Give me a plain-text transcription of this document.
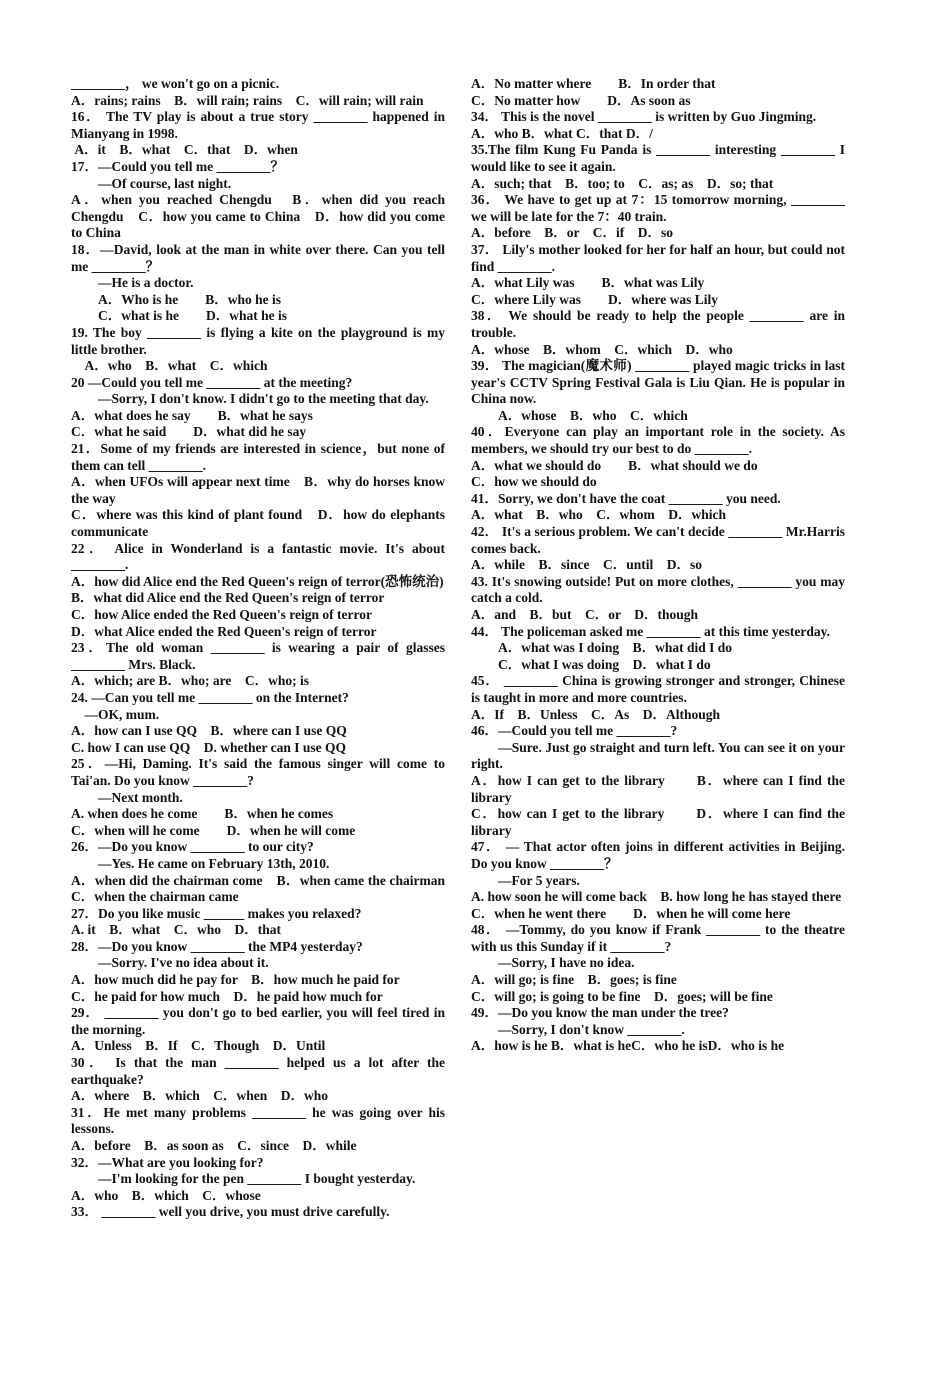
________， we won't go on a picnic.

A．rains; rains　B．will rain; rains　C．will rain; will rain

16． The TV play is about a true story ________ happened in Mianyang in 1998.

A．it　B．what　C．that　D．when

17．—Could you tell me ________？

　　—Of course, last night.

A．when you reached Chengdu　B．when did you reach Chengdu　C．how you came to China　D．how did you come to China

18．—David, look at the man in white over there. Can you tell me ________？

　　—He is a doctor.

　　A．Who is he　　B．who he is

　　C．what is he　　D．what he is

19. The boy ________ is flying a kite on the playground is my little brother.

　A．who　B．what　C．which

20 —Could you tell me ________ at the meeting?

　　—Sorry, I don't know. I didn't go to the meeting that day.

A．what does he say　　B．what he says

C．what he said　　D．what did he say

21．Some of my friends are interested in science，but none of them can tell ________.

A．when UFOs will appear next time　B．why do horses know the way

C．where was this kind of plant found　D．how do elephants communicate

22． Alice in Wonderland is a fantastic movie. It's about ________.

A．how did Alice end the Red Queen's reign of terror(恐怖统治)

B．what did Alice end the Red Queen's reign of terror

C．how Alice ended the Red Queen's reign of terror

D．what Alice ended the Red Queen's reign of terror

23．The old woman ________ is wearing a pair of glasses ________ Mrs. Black.

A．which; are B．who; are　C．who; is

24. —Can you tell me ________ on the Internet?

　—OK, mum.

A．how can I use QQ　B．where can I use QQ

C. how I can use QQ　D. whether can I use QQ

25．—Hi, Daming. It's said the famous singer will come to Tai'an. Do you know ________?

　　—Next month.

A. when does he come　　B．when he comes

C．when will he come　　D．when he will come

26．—Do you know ________ to our city?

　　—Yes. He came on February 13th, 2010.

A．when did the chairman come　B．when came the chairman　C．when the chairman came

27．Do you like music ______ makes you relaxed?

A. it　B．what　C．who　D．that

28．—Do you know ________ the MP4 yesterday?

　　—Sorry. I've no idea about it.

A．how much did he pay for　B．how much he paid for

C．he paid for how much　D．he paid how much for

29． ________ you don't go to bed earlier, you will feel tired in the morning.

A．Unless　B．If　C．Though　D．Until

30． Is that the man ________ helped us a lot after the earthquake?

A．where　B．which　C．when　D．who

31．He met many problems ________ he was going over his lessons.

A．before　B．as soon as　C．since　D．while

32．—What are you looking for?

　　—I'm looking for the pen ________ I bought yesterday.

A．who　B．which　C．whose

33． ________ well you drive, you must drive carefully.

A．No matter where　　B．In order that

C．No matter how　　D．As soon as

34． This is the novel ________ is written by Guo Jingming.

A．who B．what C．that D．/

35.The film Kung Fu Panda is ________ interesting ________ I would like to see it again.

A．such; that　B．too; to　C．as; as　D．so; that

36． We have to get up at 7：15 tomorrow morning, ________ we will be late for the 7：40 train.

A．before　B．or　C．if　D．so

37． Lily's mother looked for her for half an hour, but could not find ________.

A．what Lily was　　B．what was Lily

C．where Lily was　　D．where was Lily

38． We should be ready to help the people ________ are in trouble.

A．whose　B．whom　C．which　D．who

39． The magician(魔术师) ________ played magic tricks in last year's CCTV Spring Festival Gala is Liu Qian. He is popular in China now.

　　A．whose　B．who　C．which

40．Everyone can play an important role in the society. As members, we should try our best to do ________.

A．what we should do　　B．what should we do

C．how we should do

41．Sorry, we don't have the coat ________ you need.

A．what　B．who　C．whom　D．which

42． It's a serious problem. We can't decide ________ Mr.Harris comes back.

A．while　B．since　C．until　D．so

43. It's snowing outside! Put on more clothes, ________ you may catch a cold.

A．and　B．but　C．or　D．though

44． The policeman asked me ________ at this time yesterday.

　　A．what was I doing　B．what did I do

　　C．what I was doing　D．what I do

45． ________ China is growing stronger and stronger, Chinese is taught in more and more countries.

A．If　B．Unless　C．As　D．Although

46．—Could you tell me ________?

　　—Sure. Just go straight and turn left. You can see it on your right.

A．how I can get to the library　　B．where can I find the library

C．how can I get to the library　　D．where I can find the library

47． — That actor often joins in different activities in Beijing. Do you know ________？

　　—For 5 years.

A. how soon he will come back　B. how long he has stayed there

C．when he went there　　D．when he will come here

48． —Tommy, do you know if Frank ________ to the theatre with us this Sunday if it ________?

　　—Sorry, I have no idea.

A．will go; is fine　B．goes; is fine

C．will go; is going to be fine　D．goes; will be fine

49．—Do you know the man under the tree?

　　—Sorry, I don't know ________.

A．how is he B．what is heC．who he isD．who is he
